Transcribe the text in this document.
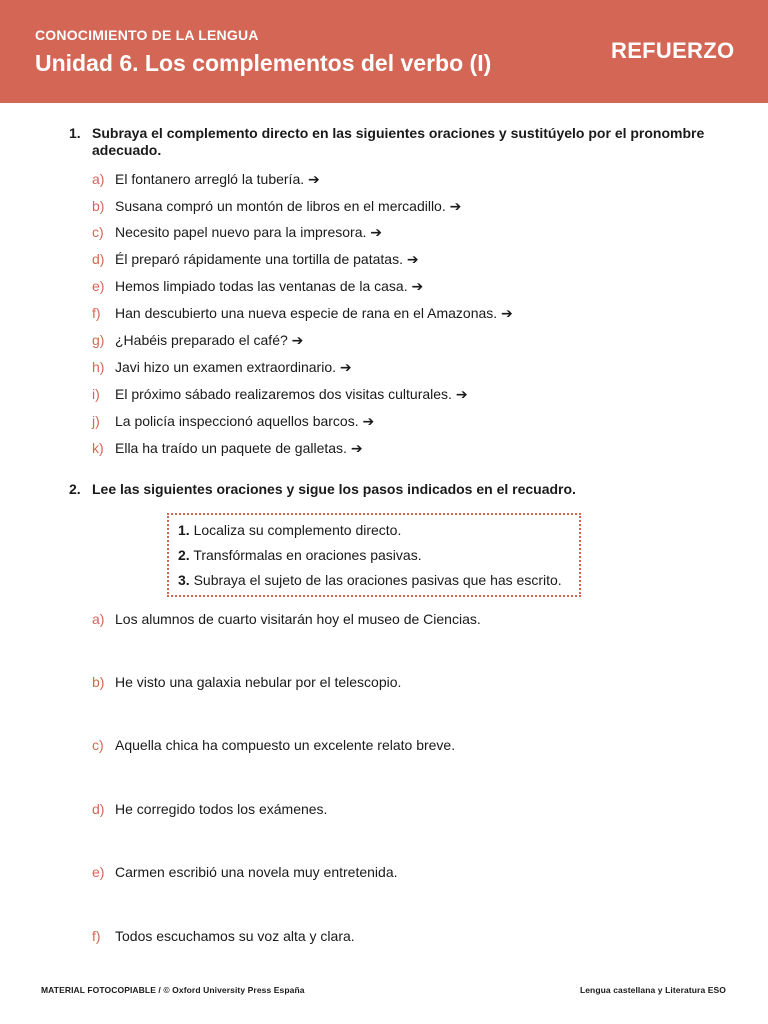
CONOCIMIENTO DE LA LENGUA
Unidad 6. Los complementos del verbo (I)	REFUERZO
1. Subraya el complemento directo en las siguientes oraciones y sustitúyelo por el pronombre adecuado.
a) El fontanero arregló la tubería. ➔
b) Susana compró un montón de libros en el mercadillo. ➔
c) Necesito papel nuevo para la impresora. ➔
d) Él preparó rápidamente una tortilla de patatas. ➔
e) Hemos limpiado todas las ventanas de la casa. ➔
f) Han descubierto una nueva especie de rana en el Amazonas. ➔
g) ¿Habéis preparado el café? ➔
h) Javi hizo un examen extraordinario. ➔
i) El próximo sábado realizaremos dos visitas culturales. ➔
j) La policía inspeccionó aquellos barcos. ➔
k) Ella ha traído un paquete de galletas. ➔
2. Lee las siguientes oraciones y sigue los pasos indicados en el recuadro.
1. Localiza su complemento directo.
2. Transfórmalas en oraciones pasivas.
3. Subraya el sujeto de las oraciones pasivas que has escrito.
a) Los alumnos de cuarto visitarán hoy el museo de Ciencias.
b) He visto una galaxia nebular por el telescopio.
c) Aquella chica ha compuesto un excelente relato breve.
d) He corregido todos los exámenes.
e) Carmen escribió una novela muy entretenida.
f) Todos escuchamos su voz alta y clara.
MATERIAL FOTOCOPIABLE / © Oxford University Press España	Lengua castellana y Literatura ESO
